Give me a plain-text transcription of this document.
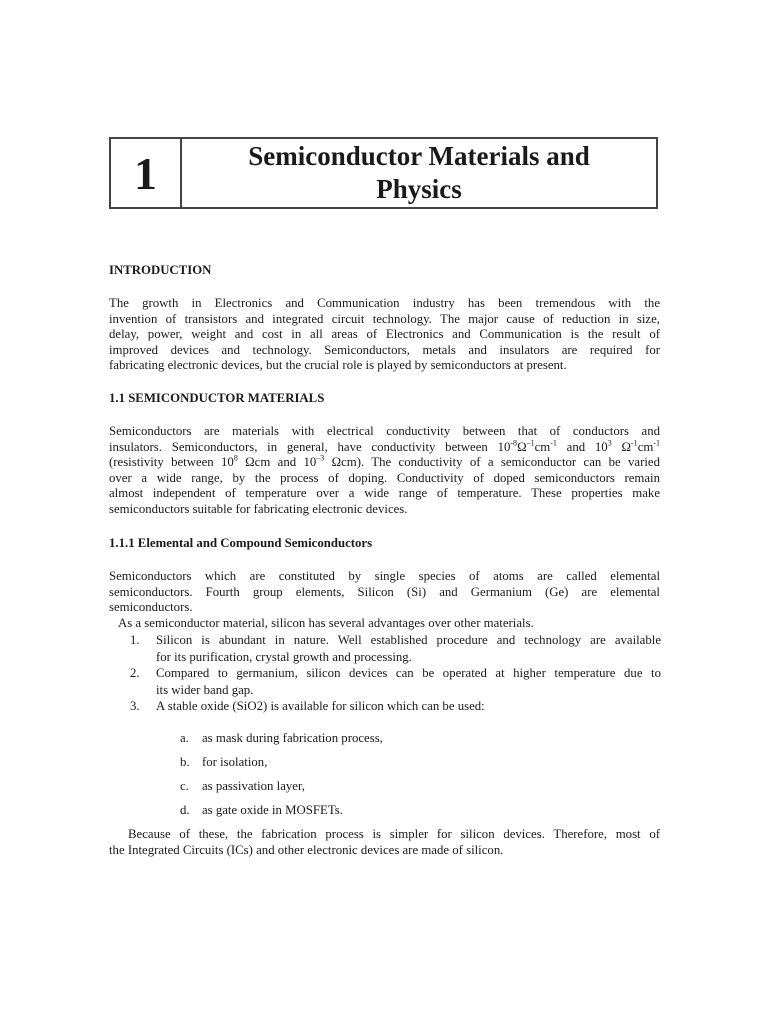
1	Semiconductor Materials and
Physics
INTRODUCTION
The growth in Electronics and Communication industry has been tremendous with the
invention of transistors and integrated circuit technology. The major cause of reduction in size,
delay, power, weight and cost in all areas of Electronics and Communication is the result of
improved devices and technology. Semiconductors, metals and insulators are required for
fabricating electronic devices, but the crucial role is played by semiconductors at present.
1.1 SEMICONDUCTOR MATERIALS
Semiconductors are materials with electrical conductivity between that of conductors and
insulators. Semiconductors, in general, have conductivity between $10^{-8}\Omega^{-1}cm^{-1}$ and $10^3$ $\Omega^{-1}cm^{-1}$
(resistivity between $10^8$ Ωcm and $10^{-3}$ Ωcm). The conductivity of a semiconductor can be varied
over a wide range, by the process of doping. Conductivity of doped semiconductors remain
almost independent of temperature over a wide range of temperature. These properties make
semiconductors suitable for fabricating electronic devices.
1.1.1 Elemental and Compound Semiconductors
Semiconductors which are constituted by single species of atoms are called elemental
semiconductors. Fourth group elements, Silicon (Si) and Germanium (Ge) are elemental
semiconductors.
As a semiconductor material, silicon has several advantages over other materials.
1. Silicon is abundant in nature. Well established procedure and technology are available
for its purification, crystal growth and processing.
2. Compared to germanium, silicon devices can be operated at higher temperature due to
its wider band gap.
3. A stable oxide (SiO2) is available for silicon which can be used:
a. as mask during fabrication process,
b. for isolation,
c. as passivation layer,
d. as gate oxide in MOSFETs.
Because of these, the fabrication process is simpler for silicon devices. Therefore, most of
the Integrated Circuits (ICs) and other electronic devices are made of silicon.
